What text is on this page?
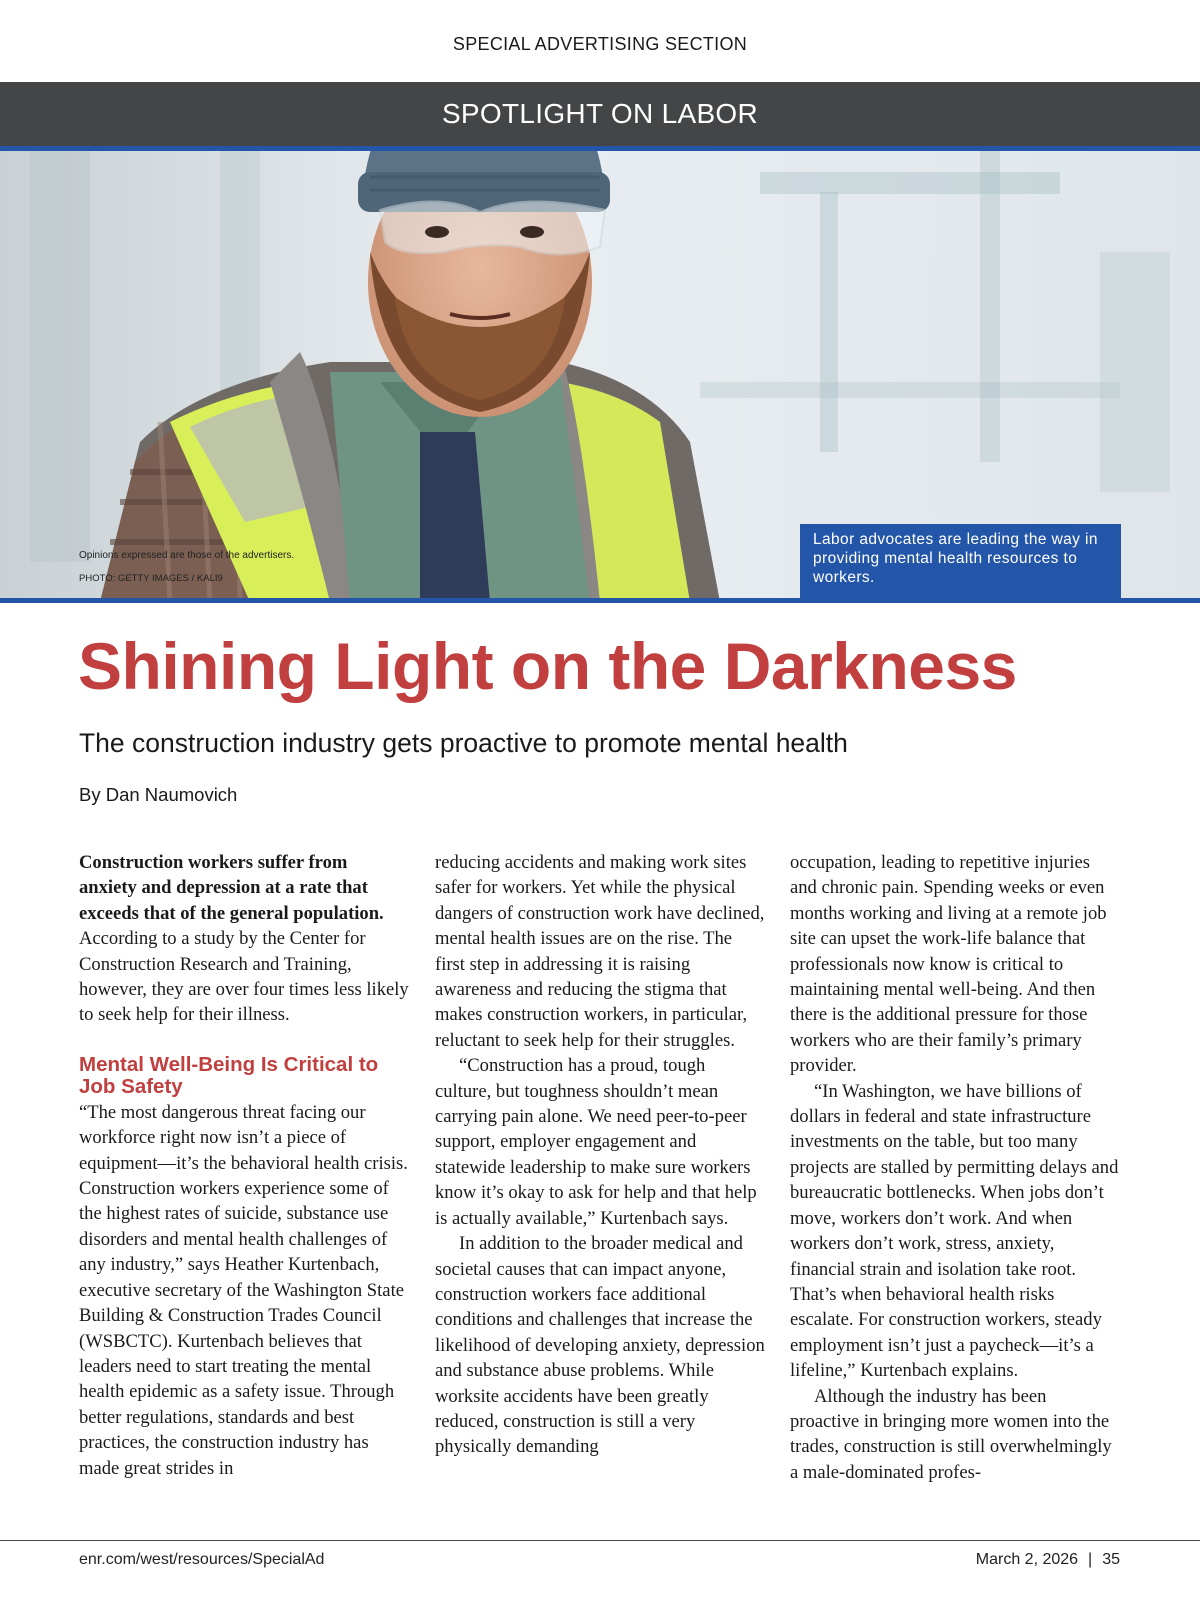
SPECIAL ADVERTISING SECTION
SPOTLIGHT ON LABOR
Opinions expressed are those of the advertisers.
PHOTO: GETTY IMAGES / KALI9
Labor advocates are leading the way in providing mental health resources to workers.
Shining Light on the Darkness
The construction industry gets proactive to promote mental health
By Dan Naumovich

Construction workers suffer from anxiety and depression at a rate that exceeds that of the general population. According to a study by the Center for Construction Research and Training, however, they are over four times less likely to seek help for their illness.

Mental Well-Being Is Critical to Job Safety

“The most dangerous threat facing our workforce right now isn’t a piece of equipment—it’s the behavioral health crisis. Construction workers experience some of the highest rates of suicide, substance use disorders and mental health challenges of any industry,” says Heather Kurtenbach, executive secretary of the Washington State Building & Construction Trades Council (WSBCTC). Kurtenbach believes that leaders need to start treating the mental health epidemic as a safety issue. Through better regulations, standards and best practices, the construction industry has made great strides in

reducing accidents and making work sites safer for workers. Yet while the physical dangers of construction work have declined, mental health issues are on the rise. The first step in addressing it is raising awareness and reducing the stigma that makes construction workers, in particular, reluctant to seek help for their struggles.

“Construction has a proud, tough culture, but toughness shouldn’t mean carrying pain alone. We need peer-to-peer support, employer engagement and statewide leadership to make sure workers know it’s okay to ask for help and that help is actually available,” Kurtenbach says.

In addition to the broader medical and societal causes that can impact anyone, construction workers face additional conditions and challenges that increase the likelihood of developing anxiety, depression and substance abuse problems. While worksite accidents have been greatly reduced, construction is still a very physically demanding

occupation, leading to repetitive injuries and chronic pain. Spending weeks or even months working and living at a remote job site can upset the work-life balance that professionals now know is critical to maintaining mental well-being. And then there is the additional pressure for those workers who are their family’s primary provider.

“In Washington, we have billions of dollars in federal and state infrastructure investments on the table, but too many projects are stalled by permitting delays and bureaucratic bottlenecks. When jobs don’t move, workers don’t work. And when workers don’t work, stress, anxiety, financial strain and isolation take root. That’s when behavioral health risks escalate. For construction workers, steady employment isn’t just a paycheck—it’s a lifeline,” Kurtenbach explains.

Although the industry has been proactive in bringing more women into the trades, construction is still overwhelmingly a male-dominated profes-

enr.com/west/resources/SpecialAd	March 2, 2026 | 35
